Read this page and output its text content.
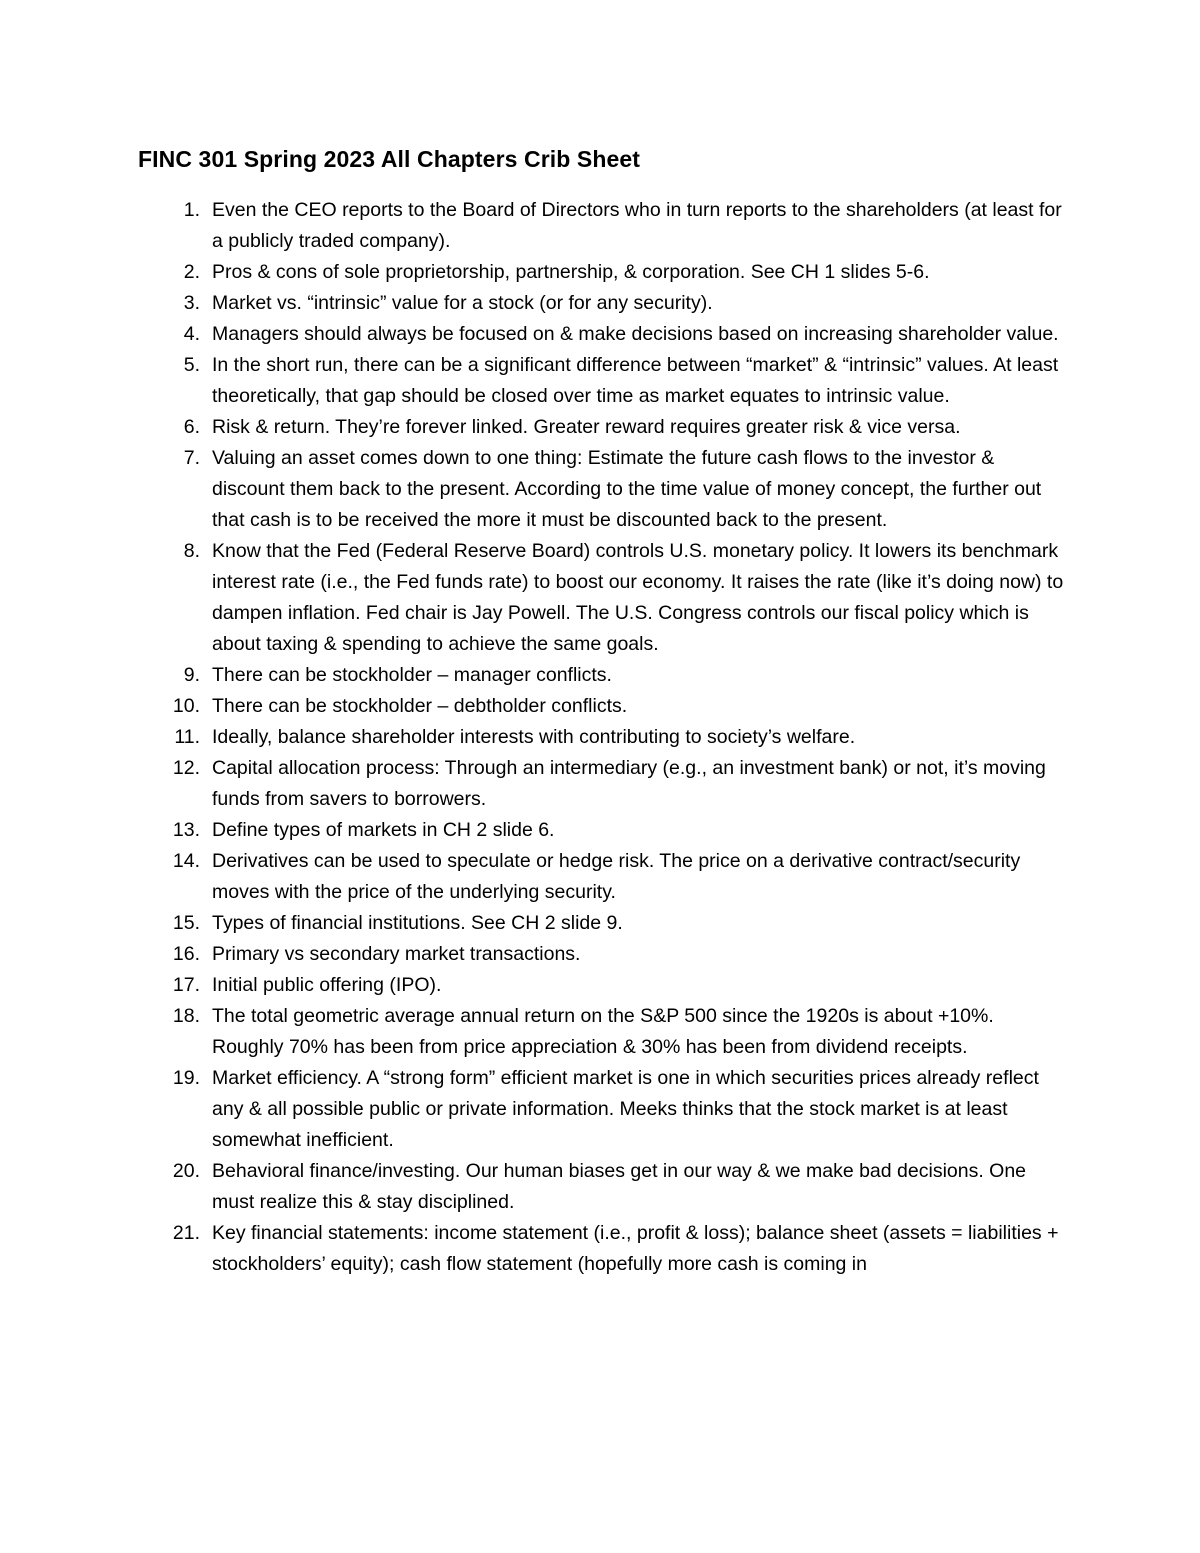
FINC 301 Spring 2023 All Chapters Crib Sheet
1. Even the CEO reports to the Board of Directors who in turn reports to the shareholders (at least for a publicly traded company).
2. Pros & cons of sole proprietorship, partnership, & corporation. See CH 1 slides 5-6.
3. Market vs. “intrinsic” value for a stock (or for any security).
4. Managers should always be focused on & make decisions based on increasing shareholder value.
5. In the short run, there can be a significant difference between “market” & “intrinsic” values. At least theoretically, that gap should be closed over time as market equates to intrinsic value.
6. Risk & return. They’re forever linked. Greater reward requires greater risk & vice versa.
7. Valuing an asset comes down to one thing: Estimate the future cash flows to the investor & discount them back to the present. According to the time value of money concept, the further out that cash is to be received the more it must be discounted back to the present.
8. Know that the Fed (Federal Reserve Board) controls U.S. monetary policy. It lowers its benchmark interest rate (i.e., the Fed funds rate) to boost our economy. It raises the rate (like it’s doing now) to dampen inflation. Fed chair is Jay Powell. The U.S. Congress controls our fiscal policy which is about taxing & spending to achieve the same goals.
9. There can be stockholder – manager conflicts.
10. There can be stockholder – debtholder conflicts.
11. Ideally, balance shareholder interests with contributing to society’s welfare.
12. Capital allocation process: Through an intermediary (e.g., an investment bank) or not, it’s moving funds from savers to borrowers.
13. Define types of markets in CH 2 slide 6.
14. Derivatives can be used to speculate or hedge risk. The price on a derivative contract/security moves with the price of the underlying security.
15. Types of financial institutions. See CH 2 slide 9.
16. Primary vs secondary market transactions.
17. Initial public offering (IPO).
18. The total geometric average annual return on the S&P 500 since the 1920s is about +10%. Roughly 70% has been from price appreciation & 30% has been from dividend receipts.
19. Market efficiency. A “strong form” efficient market is one in which securities prices already reflect any & all possible public or private information. Meeks thinks that the stock market is at least somewhat inefficient.
20. Behavioral finance/investing. Our human biases get in our way & we make bad decisions. One must realize this & stay disciplined.
21. Key financial statements: income statement (i.e., profit & loss); balance sheet (assets = liabilities + stockholders’ equity); cash flow statement (hopefully more cash is coming in
